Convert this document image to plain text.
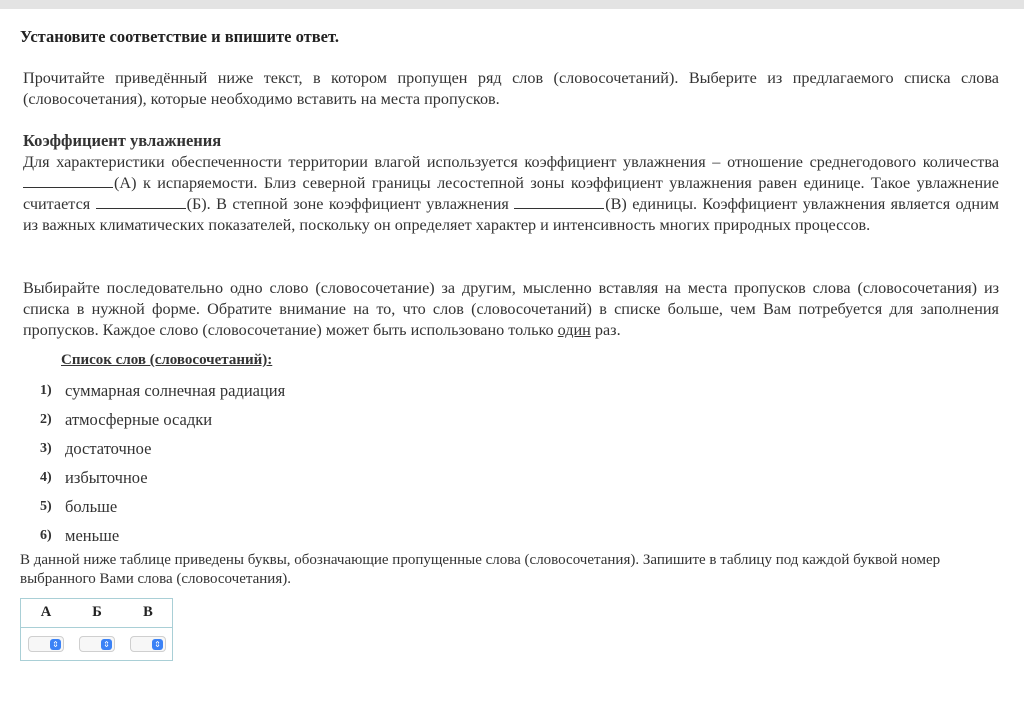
Установите соответствие и впишите ответ.
Прочитайте приведённый ниже текст, в котором пропущен ряд слов (словосочетаний). Выберите из предлагаемого списка слова (словосочетания), которые необходимо вставить на места пропусков.
Коэффициент увлажнения
Для характеристики обеспеченности территории влагой используется коэффициент увлажнения – отношение среднегодового количества (А) к испаряемости. Близ северной границы лесостепной зоны коэффициент увлажнения равен единице. Такое увлажнение считается	(Б). В степной зоне коэффициент увлажнения	(В) единицы. Коэффициент увлажнения является одним из важных климатических показателей, поскольку он определяет характер и интенсивность многих природных процессов.
Выбирайте последовательно одно слово (словосочетание) за другим, мысленно вставляя на места пропусков слова (словосочетания) из списка в нужной форме. Обратите внимание на то, что слов (словосочетаний) в списке больше, чем Вам потребуется для заполнения пропусков. Каждое слово (словосочетание) может быть использовано только один раз.
Список слов (словосочетаний):
1) суммарная солнечная радиация
2) атмосферные осадки
3) достаточное
4) избыточное
5) больше
6) меньше
В данной ниже таблице приведены буквы, обозначающие пропущенные слова (словосочетания). Запишите в таблицу под каждой буквой номер выбранного Вами слова (словосочетания).
А
⇕
Б
⇕
В
⇕
